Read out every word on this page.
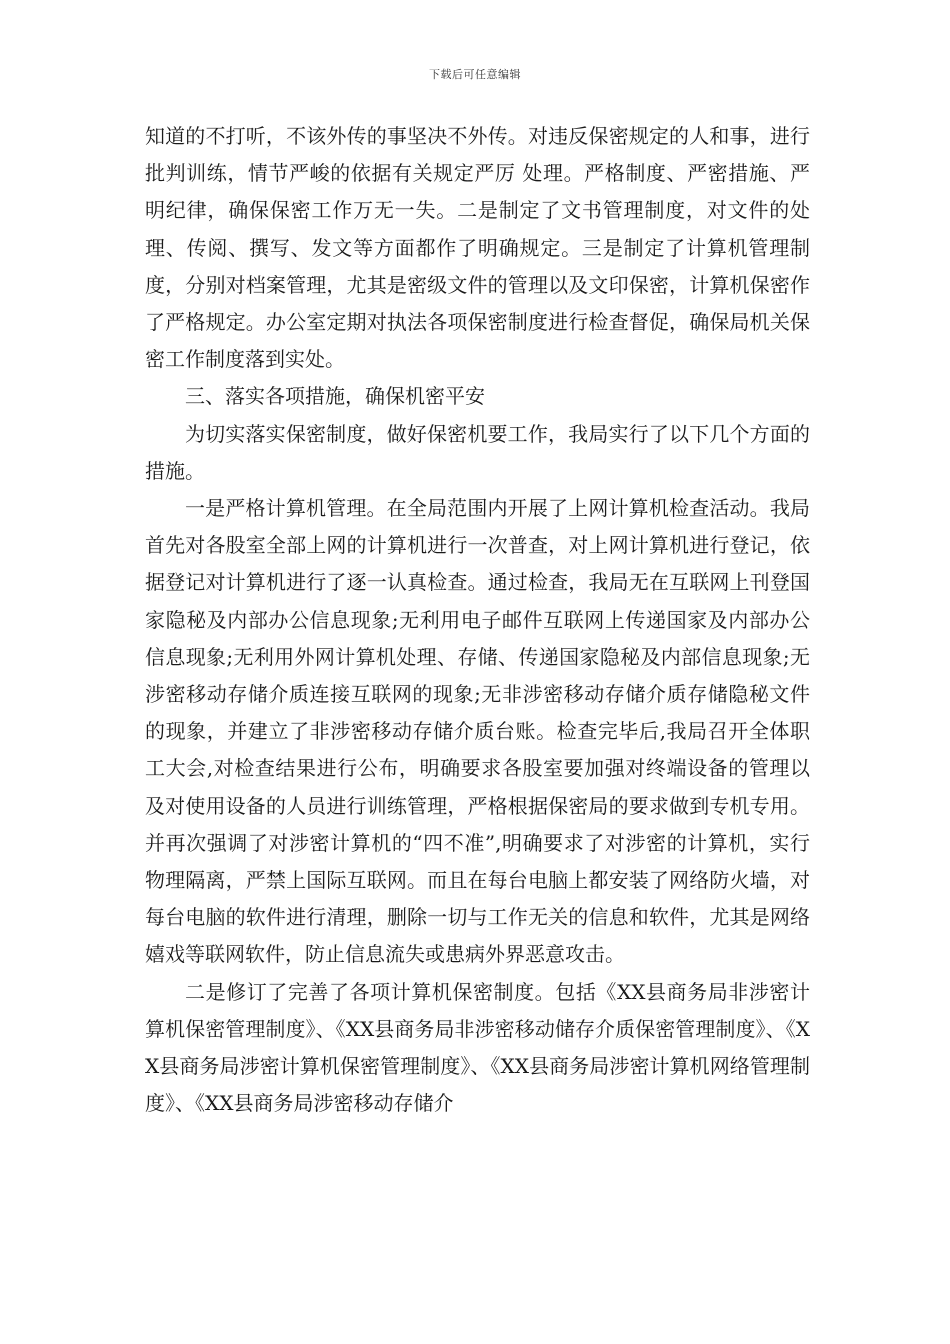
下载后可任意编辑

知道的不打听，不该外传的事坚决不外传。对违反保密规定的人和事，进行批判训练，情节严峻的依据有关规定严厉 处理。严格制度、严密措施、严明纪律，确保保密工作万无一失。二是制定了文书管理制度，对文件的处理、传阅、撰写、发文等方面都作了明确规定。三是制定了计算机管理制度，分别对档案管理，尤其是密级文件的管理以及文印保密，计算机保密作了严格规定。办公室定期对执法各项保密制度进行检查督促，确保局机关保密工作制度落到实处。

三、落实各项措施，确保机密平安

为切实落实保密制度，做好保密机要工作，我局实行了以下几个方面的措施。

一是严格计算机管理。在全局范围内开展了上网计算机检查活动。我局首先对各股室全部上网的计算机进行一次普查，对上网计算机进行登记，依据登记对计算机进行了逐一认真检查。通过检查，我局无在互联网上刊登国家隐秘及内部办公信息现象;无利用电子邮件互联网上传递国家及内部办公信息现象;无利用外网计算机处理、存储、传递国家隐秘及内部信息现象;无涉密移动存储介质连接互联网的现象;无非涉密移动存储介质存储隐秘文件的现象，并建立了非涉密移动存储介质台账。检查完毕后,我局召开全体职工大会,对检查结果进行公布，明确要求各股室要加强对终端设备的管理以及对使用设备的人员进行训练管理，严格根据保密局的要求做到专机专用。并再次强调了对涉密计算机的“四不准”,明确要求了对涉密的计算机，实行物理隔离，严禁上国际互联网。而且在每台电脑上都安装了网络防火墙，对每台电脑的软件进行清理，删除一切与工作无关的信息和软件，尤其是网络嬉戏等联网软件，防止信息流失或患病外界恶意攻击。

二是修订了完善了各项计算机保密制度。包括《XX县商务局非涉密计算机保密管理制度》、《XX县商务局非涉密移动储存介质保密管理制度》、《XX县商务局涉密计算机保密管理制度》、《XX县商务局涉密计算机网络管理制度》、《XX县商务局涉密移动存储介
